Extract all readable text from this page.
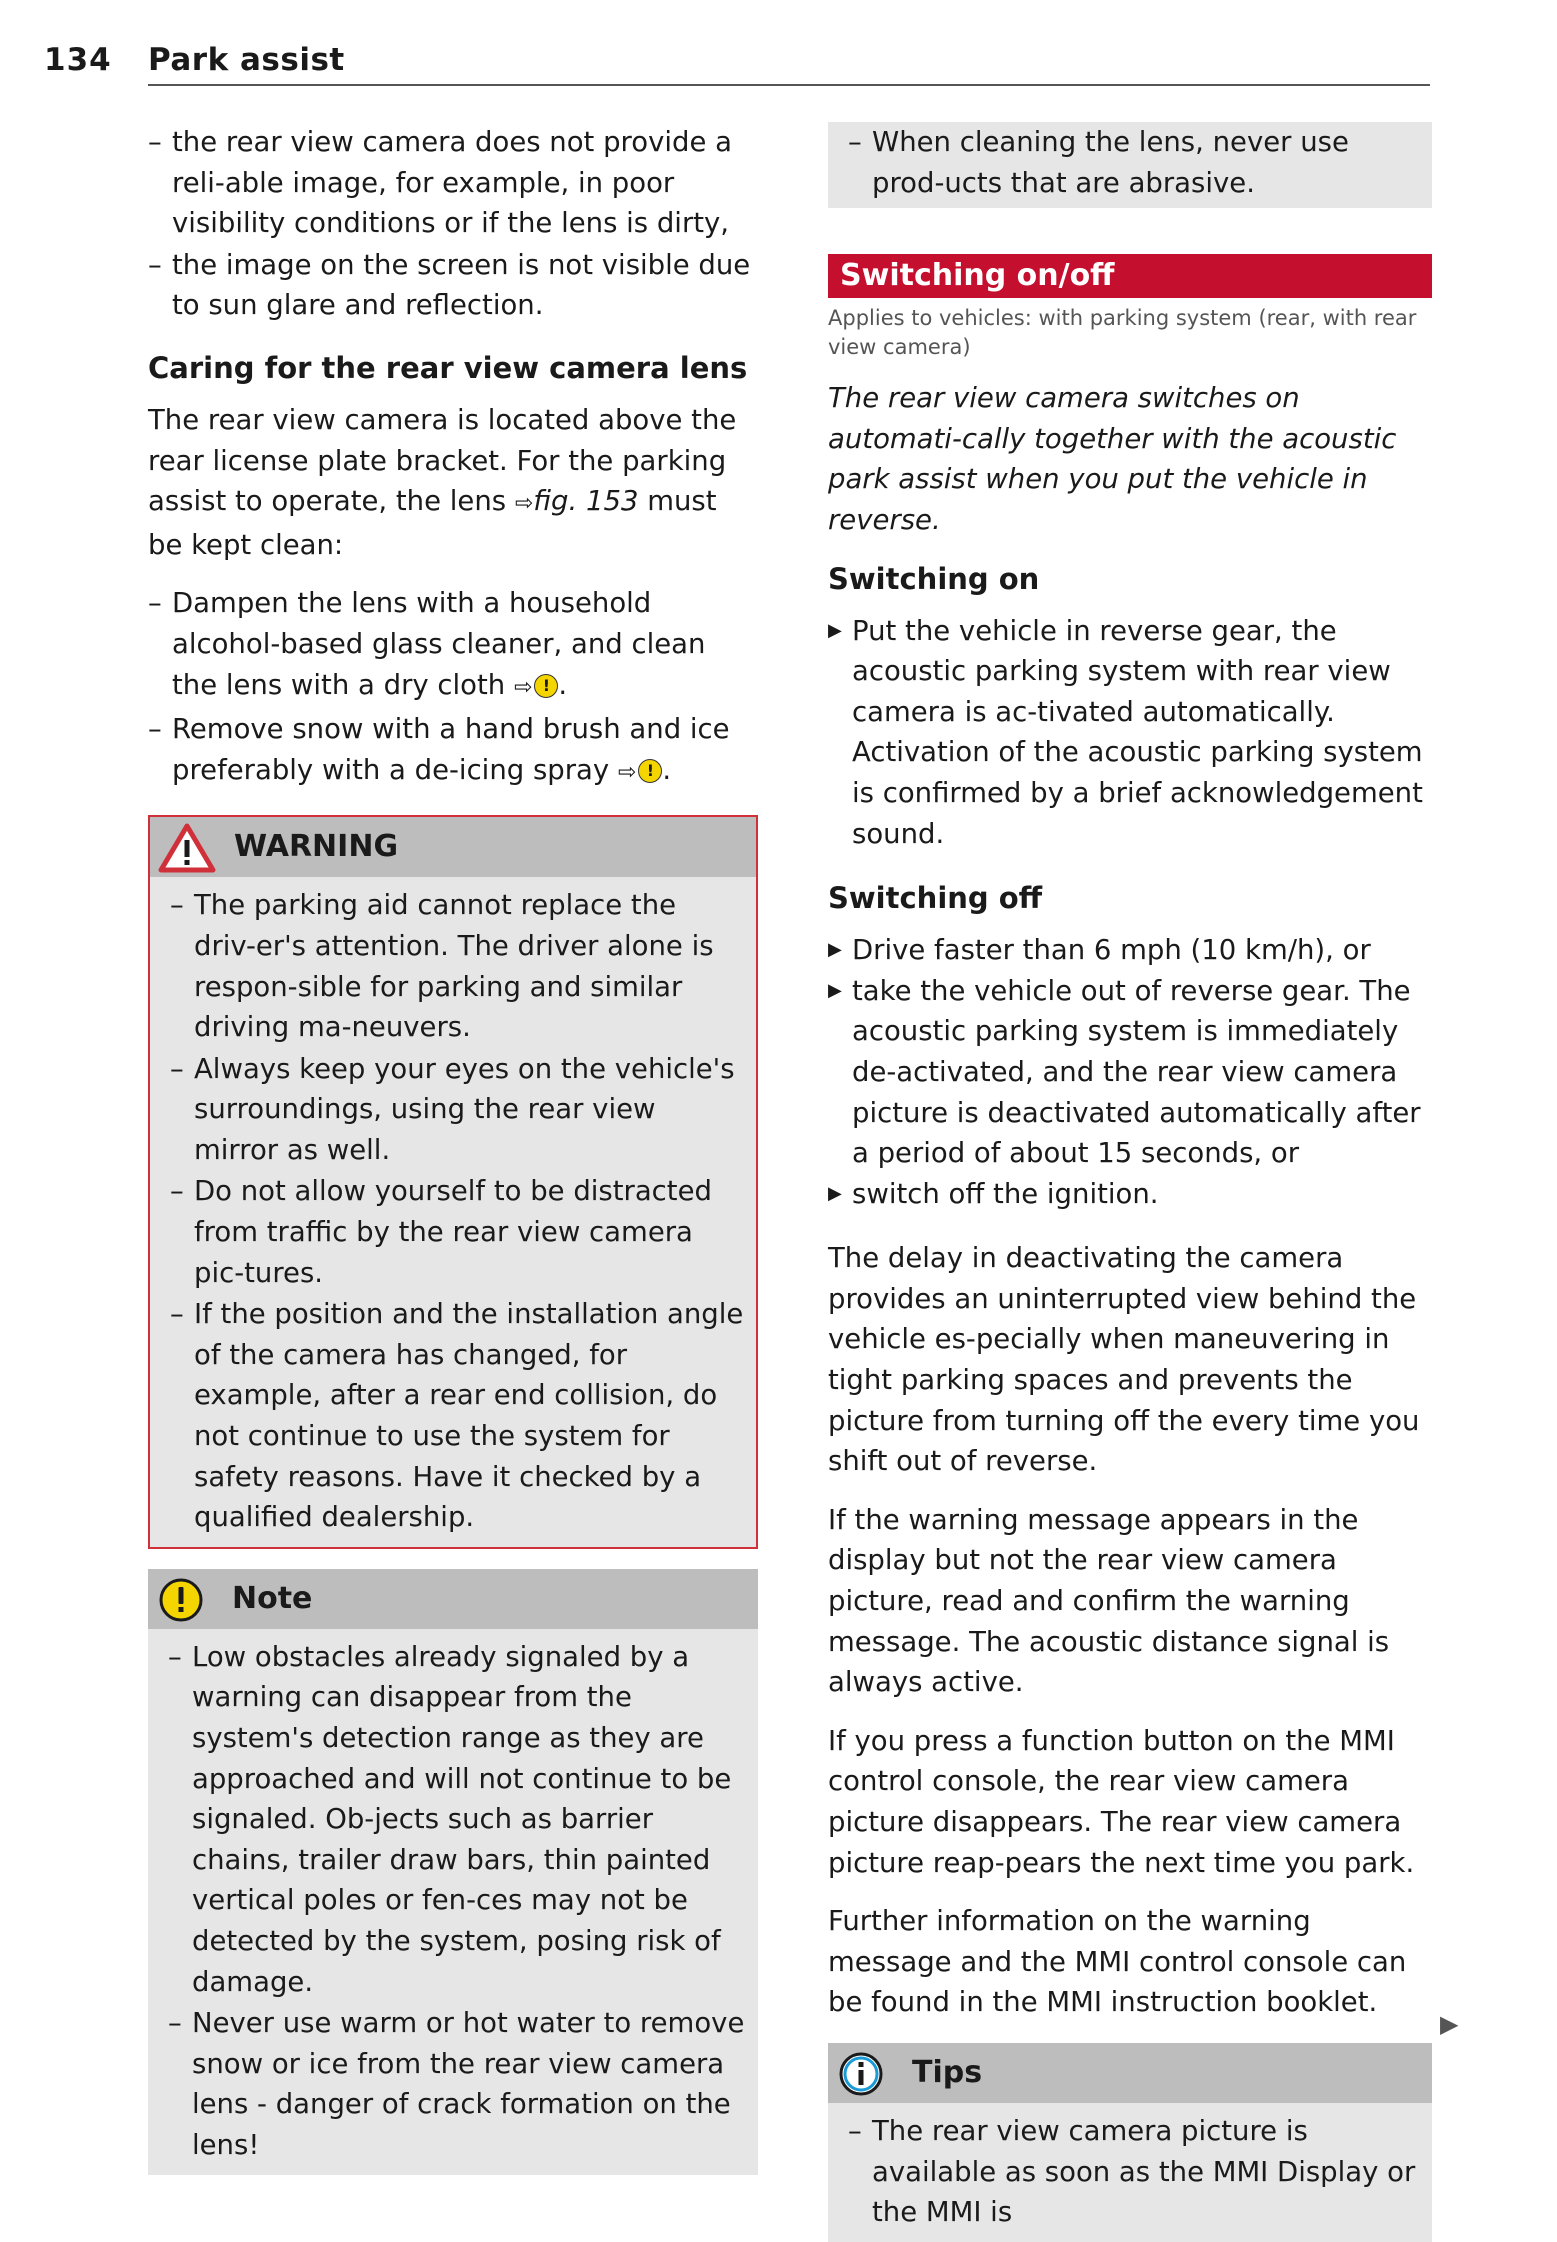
134 Park assist
– the rear view camera does not provide a reli-able image, for example, in poor visibility conditions or if the lens is dirty,
– the image on the screen is not visible due to sun glare and reflection.
Caring for the rear view camera lens

The rear view camera is located above the rear license plate bracket. For the parking assist to operate, the lens ⇨fig. 153 must be kept clean:

– Dampen the lens with a household alcohol-based glass cleaner, and clean the lens with a dry cloth ⇨ ! .
– Remove snow with a hand brush and ice preferably with a de-icing spray ⇨ ! .
WARNING
– The parking aid cannot replace the driv-er's attention. The driver alone is respon-sible for parking and similar driving ma-neuvers.
– Always keep your eyes on the vehicle's surroundings, using the rear view mirror as well.
– Do not allow yourself to be distracted from traffic by the rear view camera pic-tures.
– If the position and the installation angle of the camera has changed, for example, after a rear end collision, do not continue to use the system for safety reasons. Have it checked by a qualified dealership.
Note
– Low obstacles already signaled by a warning can disappear from the system's detection range as they are approached and will not continue to be signaled. Ob-jects such as barrier chains, trailer draw bars, thin painted vertical poles or fen-ces may not be detected by the system, posing risk of damage.
– Never use warm or hot water to remove snow or ice from the rear view camera lens - danger of crack formation on the lens!
– When cleaning the lens, never use prod-ucts that are abrasive.
Switching on/off
Applies to vehicles: with parking system (rear, with rear view camera)

The rear view camera switches on automati-cally together with the acoustic park assist when you put the vehicle in reverse.

Switching on
▶ Put the vehicle in reverse gear, the acoustic parking system with rear view camera is ac-tivated automatically. Activation of the acoustic parking system is confirmed by a brief acknowledgement sound.
Switching off
▶ Drive faster than 6 mph (10 km/h), or
▶ take the vehicle out of reverse gear. The acoustic parking system is immediately de-activated, and the rear view camera picture is deactivated automatically after a period of about 15 seconds, or
▶ switch off the ignition.

The delay in deactivating the camera provides an uninterrupted view behind the vehicle es-pecially when maneuvering in tight parking spaces and prevents the picture from turning off the every time you shift out of reverse.

If the warning message appears in the display but not the rear view camera picture, read and confirm the warning message. The acoustic distance signal is always active.

If you press a function button on the MMI control console, the rear view camera picture disappears. The rear view camera picture reap-pears the next time you park.

Further information on the warning message and the MMI control console can be found in the MMI instruction booklet.

Tips
– The rear view camera picture is available as soon as the MMI Display or the MMI is
▶
